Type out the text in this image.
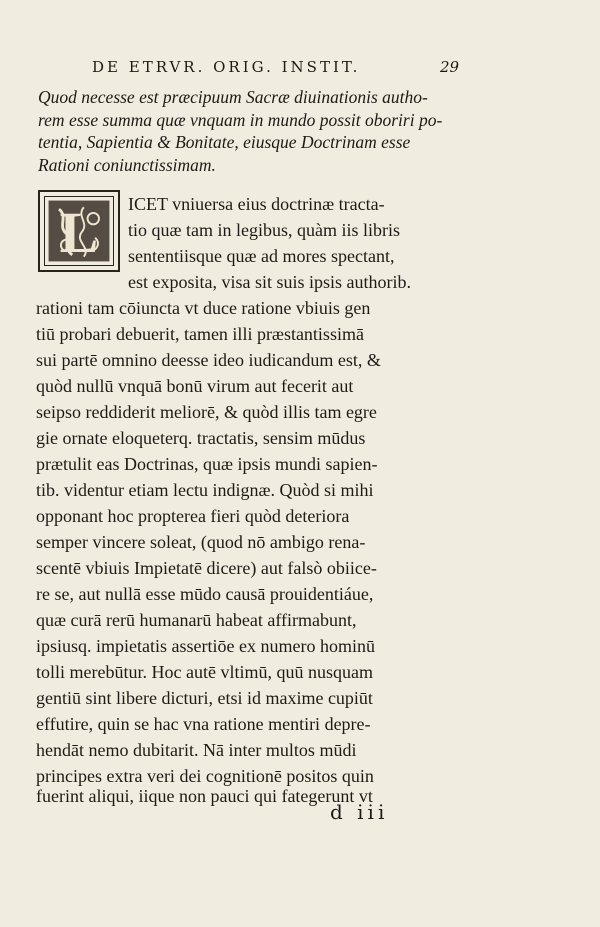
DE ETRVR. ORIG. INSTIT.	29
Quod necesse est præcipuum Sacræ diuinationis autho-
rem esse summa quæ vnquam in mundo possit oboriri po-
tentia, Sapientia & Bonitate, eiusque Doctrinam esse
Rationi coniunctissimam.
L	ICET vniuersa eius doctrinæ tracta-
tio quæ tam in legibus, quàm iis libris
sententiisque quæ ad mores spectant,
est exposita, visa sit suis ipsis authorib.
rationi tam cōiuncta vt duce ratione vbiuis gen
tiū probari debuerit, tamen illi præstantissimā
sui partē omnino deesse ideo iudicandum est, &
quòd nullū vnquā bonū virum aut fecerit aut
seipso reddiderit meliorē, & quòd illis tam egre
gie ornate eloqueterq. tractatis, sensim mūdus
prætulit eas Doctrinas, quæ ipsis mundi sapien-
tib. videntur etiam lectu indignæ. Quòd si mihi
opponant hoc propterea fieri quòd deteriora
semper vincere soleat, (quod nō ambigo rena-
scentē vbiuis Impietatē dicere) aut falsò obiice-
re se, aut nullā esse mūdo causā prouidentiáue,
quæ curā rerū humanarū habeat affirmabunt,
ipsiusq. impietatis assertiōe ex numero hominū
tolli merebūtur. Hoc autē vltimū, quū nusquam
gentiū sint libere dicturi, etsi id maxime cupiūt
effutire, quin se hac vna ratione mentiri depre-
hendāt nemo dubitarit. Nā inter multos mūdi
principes extra veri dei cognitionē positos quin
fuerint aliqui, iique non pauci qui fategerunt vt
d iii
